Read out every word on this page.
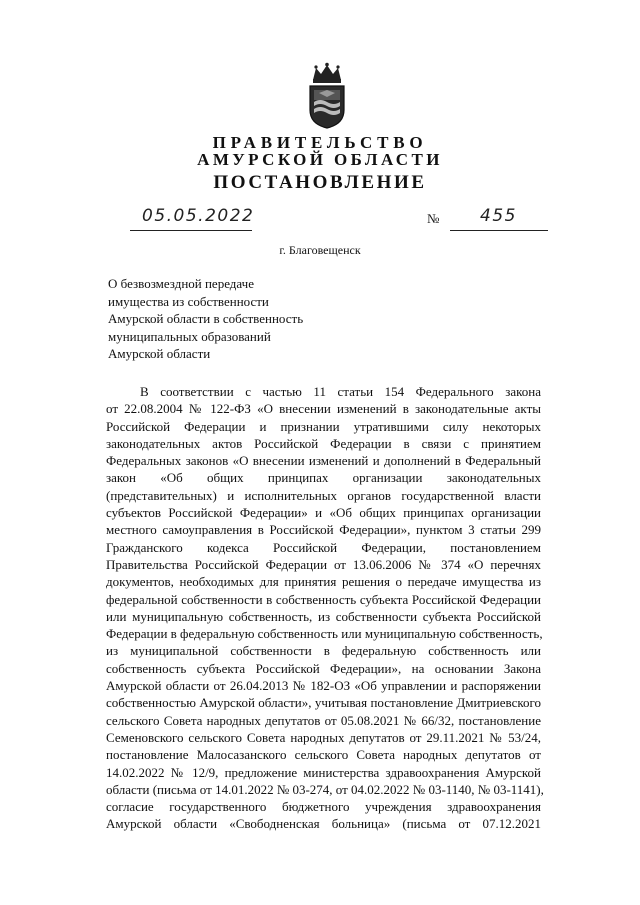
ПРАВИТЕЛЬСТВО
АМУРСКОЙ ОБЛАСТИ
ПОСТАНОВЛЕНИЕ
05.05.2022	№ 455
г. Благовещенск
О безвозмездной передаче
имущества из собственности
Амурской области в собственность
муниципальных образований
Амурской области
В соответствии с частью 11 статьи 154 Федерального закона
от 22.08.2004 № 122-ФЗ «О внесении изменений в законодательные акты
Российской Федерации и признании утратившими силу некоторых
законодательных актов Российской Федерации в связи с принятием
Федеральных законов «О внесении изменений и дополнений в Федеральный
закон «Об общих принципах организации законодательных
(представительных) и исполнительных органов государственной власти
субъектов Российской Федерации» и «Об общих принципах организации
местного самоуправления в Российской Федерации», пунктом 3 статьи 299
Гражданского кодекса Российской Федерации, постановлением
Правительства Российской Федерации от 13.06.2006 № 374 «О перечнях
документов, необходимых для принятия решения о передаче имущества из
федеральной собственности в собственность субъекта Российской Федерации
или муниципальную собственность, из собственности субъекта Российской
Федерации в федеральную собственность или муниципальную собственность,
из муниципальной собственности в федеральную собственность или
собственность субъекта Российской Федерации», на основании Закона
Амурской области от 26.04.2013 № 182-ОЗ «Об управлении и распоряжении
собственностью Амурской области», учитывая постановление Дмитриевского
сельского Совета народных депутатов от 05.08.2021 № 66/32, постановление
Семеновского сельского Совета народных депутатов от 29.11.2021 № 53/24,
постановление Малосазанского сельского Совета народных депутатов от
14.02.2022 № 12/9, предложение министерства здравоохранения Амурской
области (письма от 14.01.2022 № 03-274, от 04.02.2022 № 03-1140, № 03-1141),
согласие государственного бюджетного учреждения здравоохранения
Амурской области «Свободненская больница» (письма от 07.12.2021
